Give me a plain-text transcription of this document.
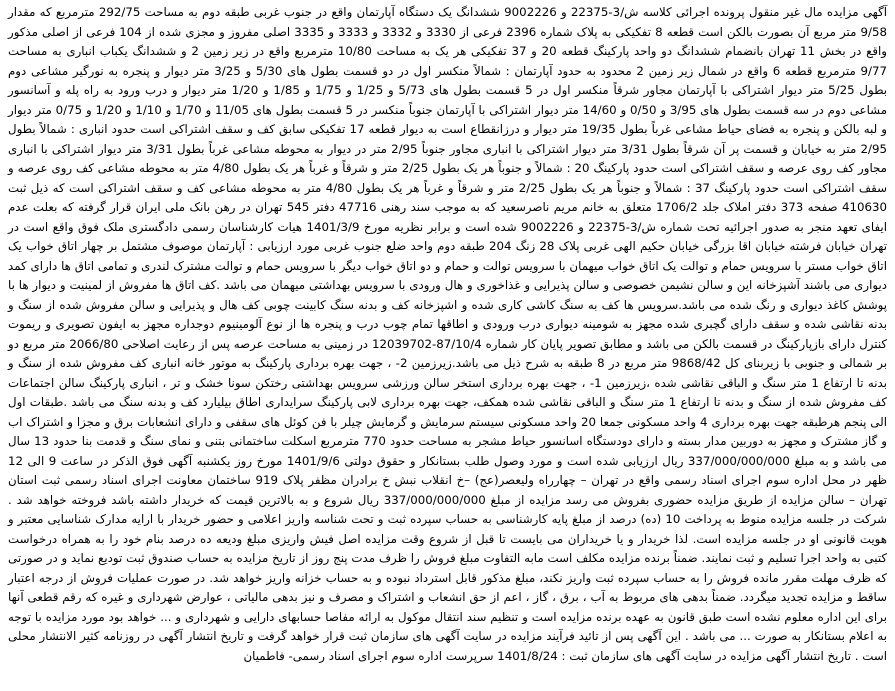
آگهی مزایده مال غیر منقول پرونده اجرائی کلاسه ش/3-22375 و 9002226 ششدانگ یک دستگاه آپارتمان واقع در جنوب غربی طبقه دوم به مساحت 292/75 مترمربع که مقدار 9/58 متر مربع آن بصورت بالکن است قطعه 8 تفکیکی به پلاک شماره 2396 فرعی از 3330 و 3332 و 3333 و 3335 اصلی مفروز و مجزی شده از 104 فرعی از اصلی مذکور واقع در بخش 11 تهران بانضمام ششدانگ دو واحد پارکینگ قطعه 20 و 37 تفکیکی هر یک به مساحت 10/80 مترمربع واقع در زیر زمین 2 و ششدانگ یکباب انباری به مساحت 9/77 مترمربع قطعه 6 واقع در شمال زیر زمین 2 محدود به حدود آپارتمان : شمالاً منکسر اول در دو قسمت بطول های 5/30 و 3/25 متر دیوار و پنجره به نورگیر مشاعی دوم بطول 5/25 متر دیوار اشتراکی با آپارتمان مجاور شرقاً منکسر اول در 5 قسمت بطول های 5/73 و 1/25 و 1/75 و 1/85 و 1/20 متر دیوار و درب ورود به راه پله و آسانسور مشاعی دوم در سه قسمت بطول های 3/95 و 0/50 و 14/60 متر دیوار اشتراکی با آپارتمان جنوباً منکسر در 5 قسمت بطول های 11/05 و 1/70 و 1/10 و 1/20 و 0/75 متر دیوار و لبه بالکن و پنجره به فضای حیاط مشاعی غرباً بطول 19/35 متر دیوار و درزانقطاع است به دیوار قطعه 17 تفکیکی سابق کف و سقف اشتراکی است حدود انباری : شمالاً بطول 2/95 متر به خیابان و قسمت پر آن شرقاً بطول 3/31 متر دیوار اشتراکی با انباری مجاور جنوباً 2/95 متر در دیوار به محوطه مشاعی غرباً بطول 3/31 متر دیوار اشتراکی با انباری مجاور کف روی عرصه و سقف اشتراکی است حدود پارکینگ 20 : شمالاً و جنوباً هر یک بطول 2/25 متر و شرقاً و غرباً هر یک بطول 4/80 متر به محوطه مشاعی کف روی عرصه و سقف اشتراکی است حدود پارکینگ 37 : شمالاً و جنوباً هر یک بطول 2/25 متر و شرقاً و غرباً هر یک بطول 4/80 متر به محوطه مشاعی کف و سقف اشتراکی است که ذیل ثبت 410630 صفحه 373 دفتر املاک جلد 1706/2 متعلق به خانم مریم ناصرسعید که به موجب سند رهنی 47716 دفتر 545 تهران در رهن بانک ملی ایران قرار گرفته که بعلت عدم ایفای تعهد منجر به صدور اجرائیه تحت شماره ش/3-22375 و 9002226 شده است و برابر نظریه مورخ 1401/3/9 هیات کارشناسان رسمی دادگستری ملک فوق واقع است در تهران خیابان فرشته خیابان اقا بزرگی خیابان حکیم الهی غربی پلاک 28 زنگ 204 طبقه دوم واحد ضلع جنوب غربی مورد ارزیابی : آپارتمان موصوف مشتمل بر چهار اتاق خواب یک اتاق خواب مستر با سرویس حمام و توالت یک اتاق خواب میهمان با سرویس توالت و حمام و دو اتاق خواب دیگر با سرویس حمام و توالت مشترک لندری و تمامی اتاق ها دارای کمد دیواری می باشند آشپزخانه این و سالن نشیمن خصوصی و سالن پذیرایی و غذاخوری و هال ورودی با سرویس بهداشتی میهمان می باشد .کف اتاق ها مفروش از لمینیت و دیوار ها با پوشش کاغذ دیواری و رنگ شده می باشد.سرویس ها کف به سنگ کاشی کاری شده و اشپزخانه کف و بدنه سنگ کابینت چوبی کف هال و پذیرایی و سالن مفروش شده از سنگ و بدنه نقاشی شده و سقف دارای گچبری شده مجهز به شومینه دیواری درب ورودی و اطاقها تمام چوب درب و پنجره ها از نوع آلومینیوم دوجداره مجهز به ایفون تصویری و ریموت کنترل دارای بازپارکینگ در قسمت بالکن می باشد و مطابق تصویر پایان کار شماره 87/10/4-12039702 در زمینی به مساحت عرصه پس از رعایت اصلاحی 2066/80 متر مربع دو بر شمالی و جنوبی با زیربنای کل 9868/42 متر مربع در 8 طبقه به شرح ذیل می باشد.زیرزمین 2- ، جهت بهره برداری پارکینگ به موتور خانه انباری کف مفروش شده از سنگ و بدنه تا ارتفاع 1 متر سنگ و الباقی نقاشی شده ،زیرزمین 1- ، جهت بهره برداری استخر سالن ورزشی سرویس بهداشتی رختکن سونا خشک و تر ، انباری پارکینگ سالن اجتماعات کف مفروش شده از سنگ و بدنه تا ارتفاع 1 متر سنگ و الباقی نقاشی شده همکف، جهت بهره برداری لابی پارکینگ سرایداری اطاق بیلیارد کف و بدنه سنگ می باشد .طبقات اول الی پنجم هرطبقه جهت بهره برداری 4 واحد مسکونی جمعا 20 واحد مسکونی سیستم سرمایش و گرمایش چیلر با فن کوئل های سقفی و دارای انشعابات برق و مجزا و اشتراک اب و گاز مشترک و مجهز به دوربین مدار بسته و دارای دودستگاه اسانسور حیاط مشجر به مساحت حدود 770 مترمربع اسکلت ساختمانی بتنی و نمای سنگ و قدمت بنا حدود 13 سال می باشد و به مبلغ 337/000/000/000 ریال ارزیابی شده است و مورد وصول طلب بستانکار و حقوق دولتی 1401/9/6 مورخ روز یکشنبه آگهی فوق الذکر در ساعت 9 الی 12 ظهر در محل اداره سوم اجرای اسناد رسمی واقع در تهران – چهارراه ولیعصر(عج) –خ انقلاب نبش خ برادران مظفر پلاک 919 ساختمان معاونت اجرای اسناد رسمی ثبت استان تهران – سالن مزایده از طریق مزایده حضوری بفروش می رسد مزایده از مبلغ 337/000/000/000 ریال شروع و به بالاترین قیمت که خریدار داشته باشد فروخته خواهد شد . شرکت در جلسه مزایده منوط به پرداخت 10 (ده) درصد از مبلغ پایه کارشناسی به حساب سپرده ثبت و تحت شناسه واریز اعلامی و حضور خریدار با ارایه مدارک شناسایی معتبر و هویت قانونی او در جلسه مزایده است. لذا خریدار و یا خریداران می بایست تا قبل از شروع وقت مزایده اصل فیش واریزی مبلغ ودیعه ده درصد بنام خود را به همراه درخواست کتبی به واحد اجرا تسلیم و ثبت نمایند. ضمناً برنده مزایده مکلف است مابه التفاوت مبلغ فروش را ظرف مدت پنج روز از تاریخ مزایده به حساب صندوق ثبت تودیع نماید و در صورتی که ظرف مهلت مقرر مانده فروش را به حساب سپرده ثبت واریز نکند، مبلغ مذکور قابل استرداد نبوده و به حساب خزانه واریز خواهد شد. در صورت عملیات فروش از درجه اعتبار ساقط و مزایده تجدید میگردد. ضمناً بدهی های مربوط به آب ، برق ، گاز ، اعم از حق انشعاب و اشتراک و مصرف و نیز بدهی مالیاتی ، عوارض شهرداری و غیره که رقم قطعی آنها برای این اداره معلوم نشده است طبق قانون به عهده برنده مزایده است و تنظیم سند انتقال موکول به ارائه مفاصا حسابهای دارایی و شهرداری و ... خواهد بود مورد مزایده با توجه به اعلام بستانکار به صورت ... می باشد . این آگهی پس از تائید فرآیند مزایده در سایت آگهی های سازمان ثبت قرار خواهد گرفت و تاریخ انتشار آگهی در روزنامه کثیر الانتشار محلی است . تاریخ انتشار آگهی مزایده در سایت آگهی های سازمان ثبت : 1401/8/24 سرپرست اداره سوم اجرای اسناد رسمی- فاطمیان
